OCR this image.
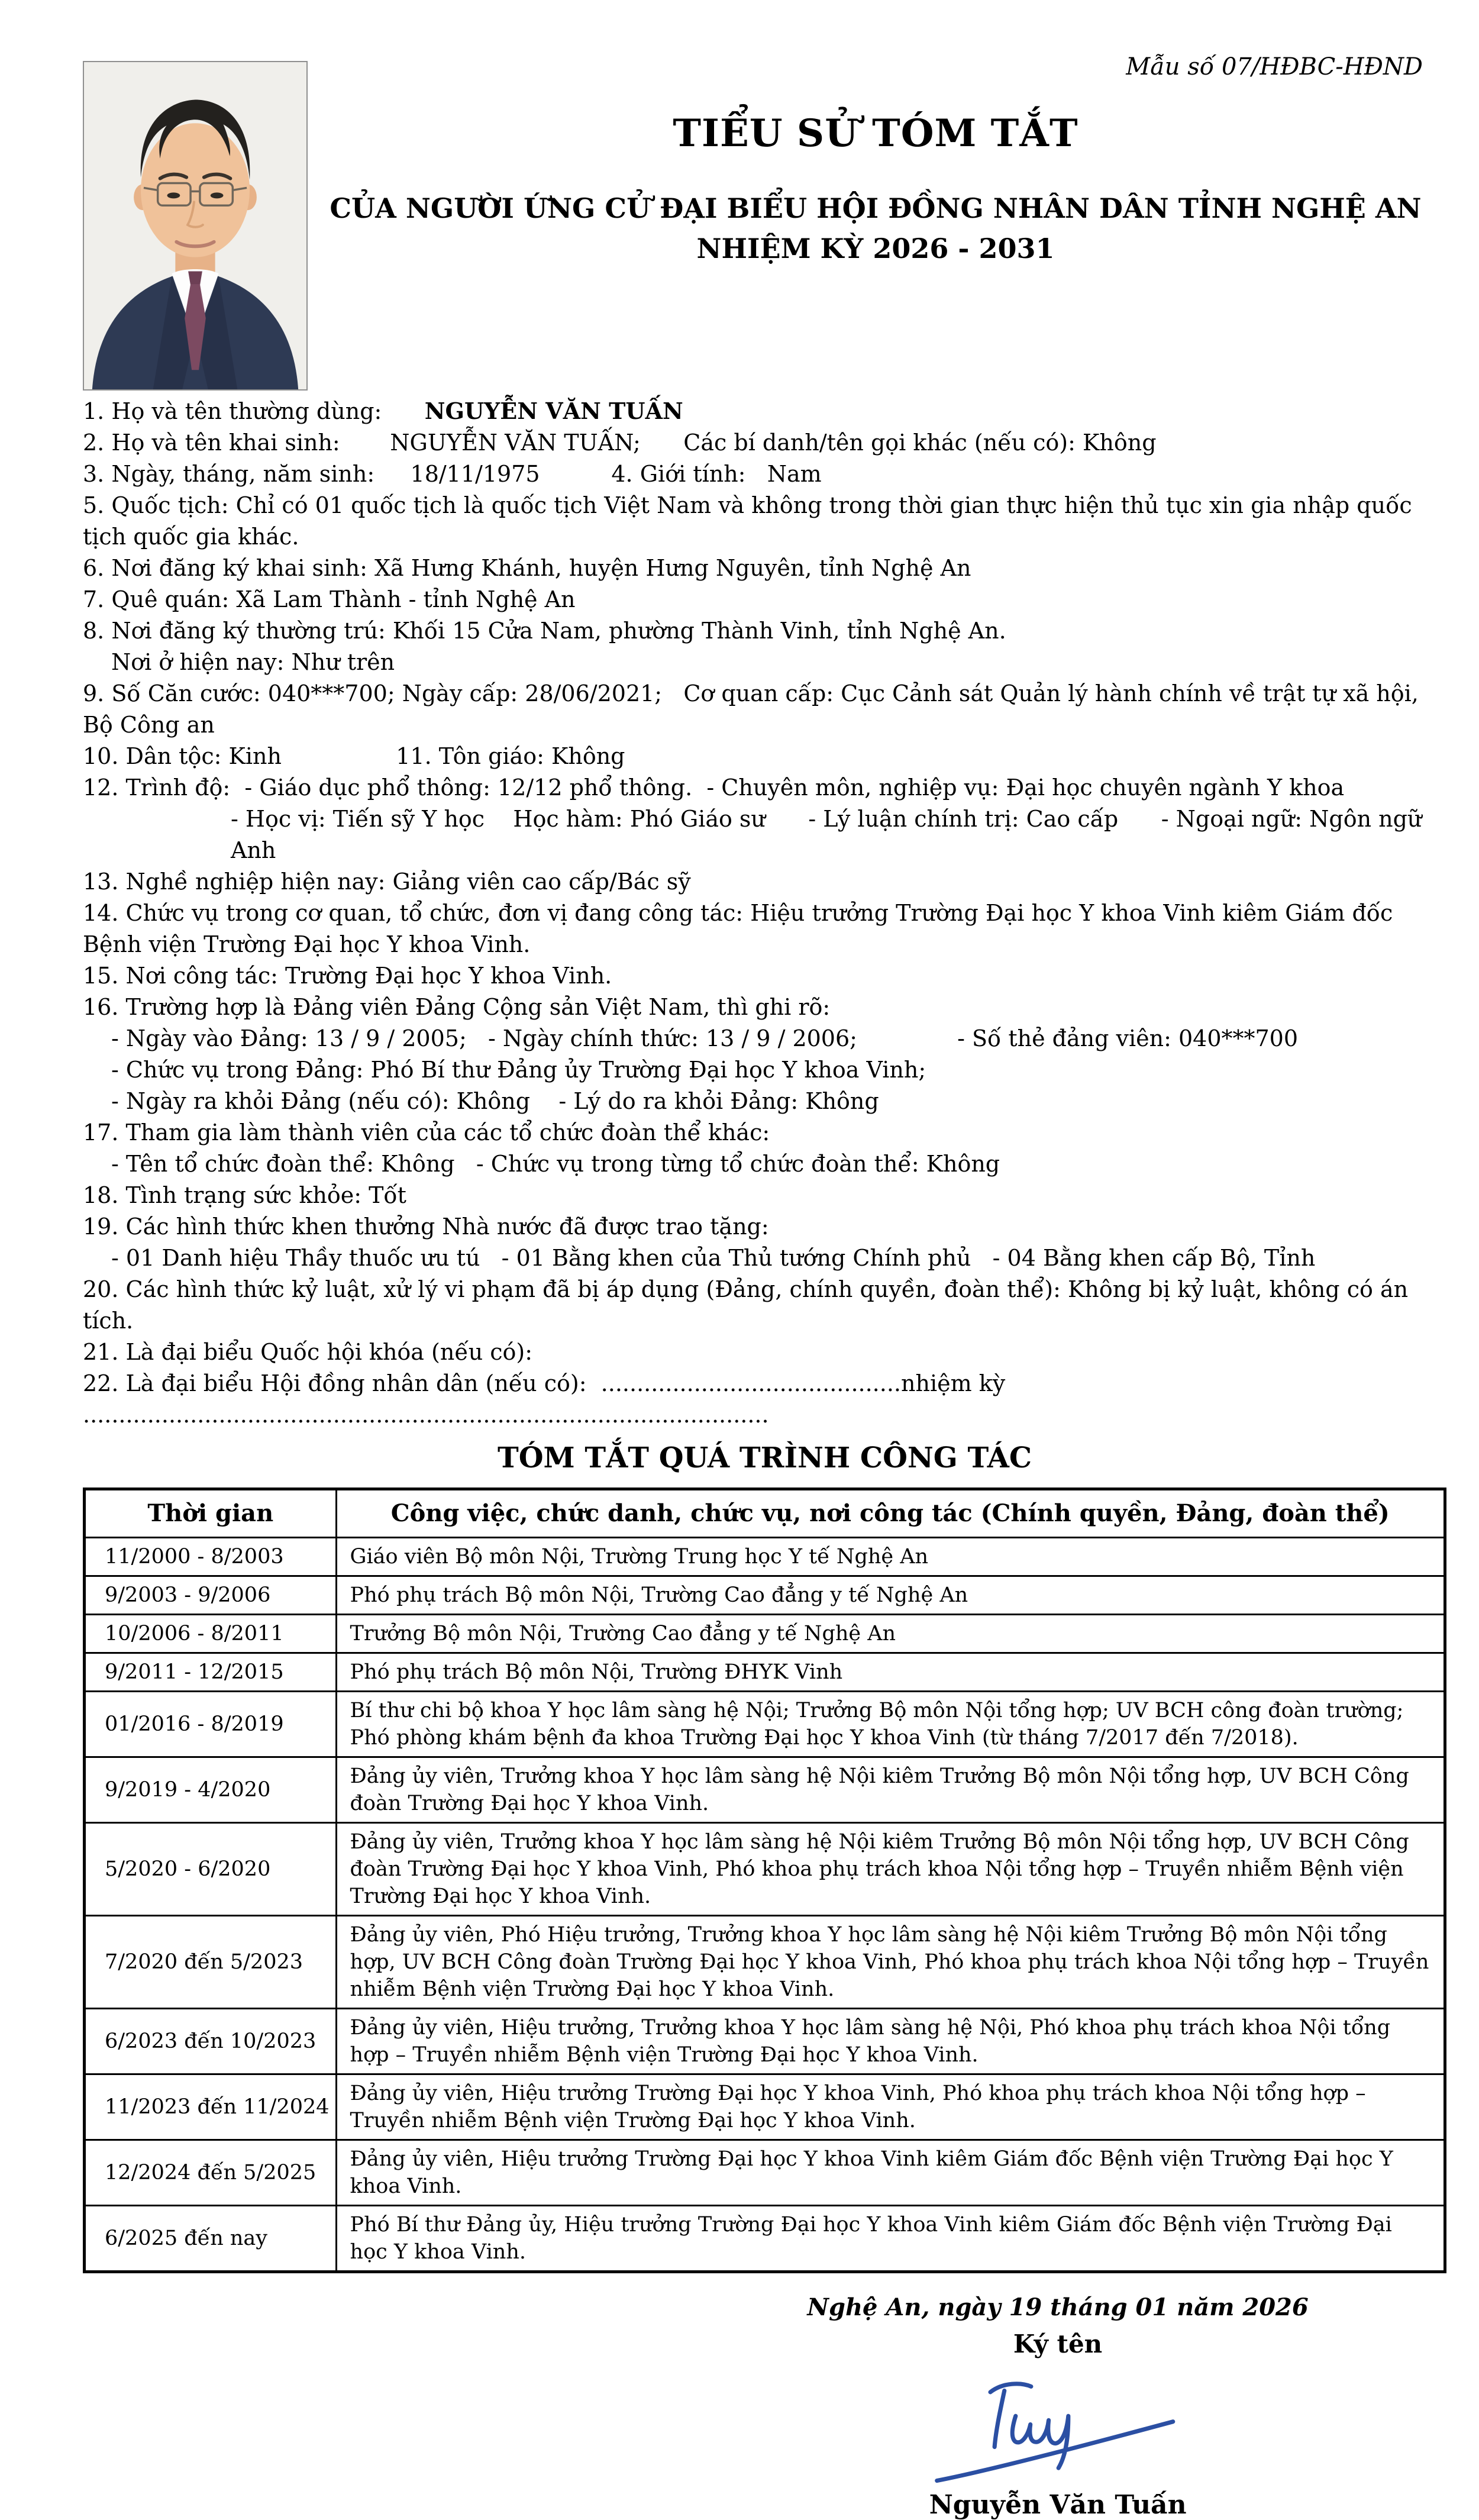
Mẫu số 07/HĐBC-HĐND
TIỂU SỬ TÓM TẮT
CỦA NGƯỜI ỨNG CỬ ĐẠI BIỂU HỘI ĐỒNG NHÂN DÂN TỈNH NGHỆ AN
NHIỆM KỲ 2026 - 2031
1. Họ và tên thường dùng:      NGUYỄN VĂN TUẤN
2. Họ và tên khai sinh:       NGUYỄN VĂN TUẤN;      Các bí danh/tên gọi khác (nếu có): Không
3. Ngày, tháng, năm sinh:     18/11/1975          4. Giới tính:   Nam
5. Quốc tịch: Chỉ có 01 quốc tịch là quốc tịch Việt Nam và không trong thời gian thực hiện thủ tục xin gia nhập quốc tịch quốc gia khác.
6. Nơi đăng ký khai sinh: Xã Hưng Khánh, huyện Hưng Nguyên, tỉnh Nghệ An
7. Quê quán: Xã Lam Thành - tỉnh Nghệ An
8. Nơi đăng ký thường trú: Khối 15 Cửa Nam, phường Thành Vinh, tỉnh Nghệ An.
Nơi ở hiện nay: Như trên
9. Số Căn cước: 040***700; Ngày cấp: 28/06/2021;   Cơ quan cấp: Cục Cảnh sát Quản lý hành chính về trật tự xã hội, Bộ Công an
10. Dân tộc: Kinh                11. Tôn giáo: Không
12. Trình độ:  - Giáo dục phổ thông: 12/12 phổ thông.  - Chuyên môn, nghiệp vụ: Đại học chuyên ngành Y khoa
- Học vị: Tiến sỹ Y học    Học hàm: Phó Giáo sư      - Lý luận chính trị: Cao cấp      - Ngoại ngữ: Ngôn ngữ Anh
13. Nghề nghiệp hiện nay: Giảng viên cao cấp/Bác sỹ
14. Chức vụ trong cơ quan, tổ chức, đơn vị đang công tác: Hiệu trưởng Trường Đại học Y khoa Vinh kiêm Giám đốc Bệnh viện Trường Đại học Y khoa Vinh.
15. Nơi công tác: Trường Đại học Y khoa Vinh.
16. Trường hợp là Đảng viên Đảng Cộng sản Việt Nam, thì ghi rõ:
- Ngày vào Đảng: 13 / 9 / 2005;   - Ngày chính thức: 13 / 9 / 2006;              - Số thẻ đảng viên: 040***700
- Chức vụ trong Đảng: Phó Bí thư Đảng ủy Trường Đại học Y khoa Vinh;
- Ngày ra khỏi Đảng (nếu có): Không    - Lý do ra khỏi Đảng: Không
17. Tham gia làm thành viên của các tổ chức đoàn thể khác:
- Tên tổ chức đoàn thể: Không   - Chức vụ trong từng tổ chức đoàn thể: Không
18. Tình trạng sức khỏe: Tốt
19. Các hình thức khen thưởng Nhà nước đã được trao tặng:
- 01 Danh hiệu Thầy thuốc ưu tú   - 01 Bằng khen của Thủ tướng Chính phủ   - 04 Bằng khen cấp Bộ, Tỉnh
20. Các hình thức kỷ luật, xử lý vi phạm đã bị áp dụng (Đảng, chính quyền, đoàn thể): Không bị kỷ luật, không có án tích.
21. Là đại biểu Quốc hội khóa (nếu có):
22. Là đại biểu Hội đồng nhân dân (nếu có):  ..........................................nhiệm kỳ ................................................................................................
TÓM TẮT QUÁ TRÌNH CÔNG TÁC
Thời gian	Công việc, chức danh, chức vụ, nơi công tác (Chính quyền, Đảng, đoàn thể)
11/2000 - 8/2003	Giáo viên Bộ môn Nội, Trường Trung học Y tế Nghệ An
9/2003 - 9/2006	Phó phụ trách Bộ môn Nội, Trường Cao đẳng y tế Nghệ An
10/2006 - 8/2011	Trưởng Bộ môn Nội, Trường Cao đẳng y tế Nghệ An
9/2011 - 12/2015	Phó phụ trách Bộ môn Nội, Trường ĐHYK Vinh
01/2016 - 8/2019	Bí thư chi bộ khoa Y học lâm sàng hệ Nội; Trưởng Bộ môn Nội tổng hợp; UV BCH công đoàn trường; Phó phòng khám bệnh đa khoa Trường Đại học Y khoa Vinh (từ tháng 7/2017 đến 7/2018).
9/2019 - 4/2020	Đảng ủy viên, Trưởng khoa Y học lâm sàng hệ Nội kiêm Trưởng Bộ môn Nội tổng hợp, UV BCH Công đoàn Trường Đại học Y khoa Vinh.
5/2020 - 6/2020	Đảng ủy viên, Trưởng khoa Y học lâm sàng hệ Nội kiêm Trưởng Bộ môn Nội tổng hợp, UV BCH Công đoàn Trường Đại học Y khoa Vinh, Phó khoa phụ trách khoa Nội tổng hợp – Truyền nhiễm Bệnh viện Trường Đại học Y khoa Vinh.
7/2020 đến 5/2023	Đảng ủy viên, Phó Hiệu trưởng, Trưởng khoa Y học lâm sàng hệ Nội kiêm Trưởng Bộ môn Nội tổng hợp, UV BCH Công đoàn Trường Đại học Y khoa Vinh, Phó khoa phụ trách khoa Nội tổng hợp – Truyền nhiễm Bệnh viện Trường Đại học Y khoa Vinh.
6/2023 đến 10/2023	Đảng ủy viên, Hiệu trưởng, Trưởng khoa Y học lâm sàng hệ Nội, Phó khoa phụ trách khoa Nội tổng hợp – Truyền nhiễm Bệnh viện Trường Đại học Y khoa Vinh.
11/2023 đến 11/2024	Đảng ủy viên, Hiệu trưởng Trường Đại học Y khoa Vinh, Phó khoa phụ trách khoa Nội tổng hợp – Truyền nhiễm Bệnh viện Trường Đại học Y khoa Vinh.
12/2024 đến 5/2025	Đảng ủy viên, Hiệu trưởng Trường Đại học Y khoa Vinh kiêm Giám đốc Bệnh viện Trường Đại học Y khoa Vinh.
6/2025 đến nay	Phó Bí thư Đảng ủy, Hiệu trưởng Trường Đại học Y khoa Vinh kiêm Giám đốc Bệnh viện Trường Đại học Y khoa Vinh.

Nghệ An, ngày 19 tháng 01 năm 2026

Ký tên

Nguyễn Văn Tuấn
